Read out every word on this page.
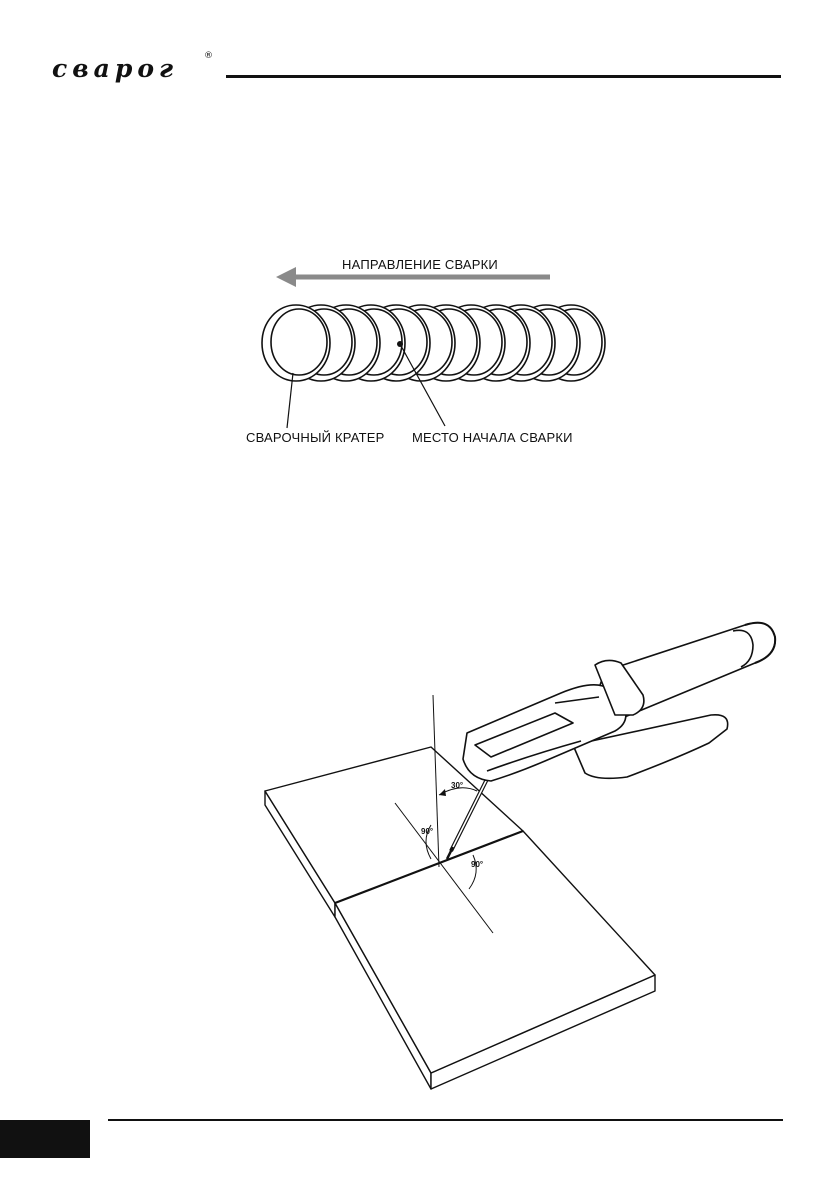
свapог	®
НАПРАВЛЕНИЕ СВАРКИ
СВАРОЧНЫЙ КРАТЕР МЕСТО НАЧАЛА СВАРКИ
30°
90°
90°
